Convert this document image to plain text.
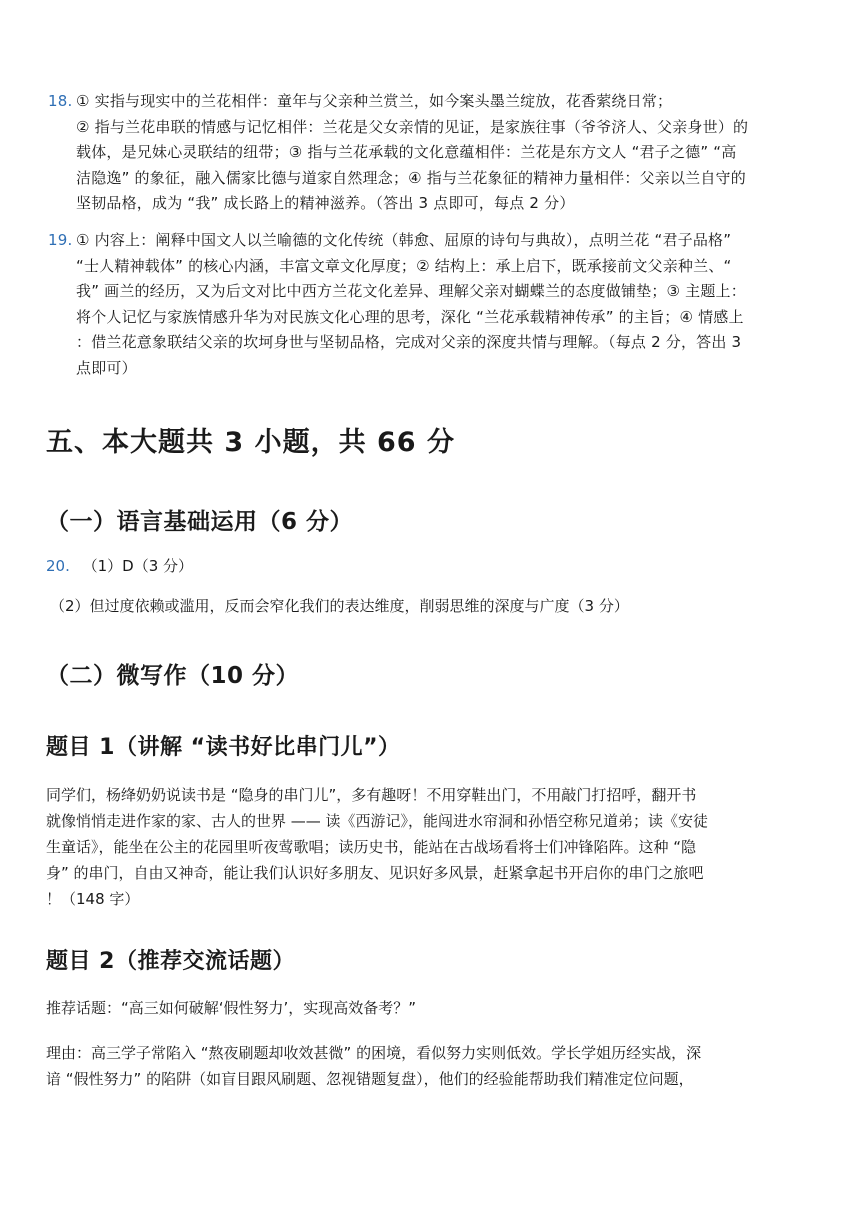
18. ① 实指与现实中的兰花相伴：童年与父亲种兰赏兰，如今案头墨兰绽放，花香萦绕日常；
② 指与兰花串联的情感与记忆相伴：兰花是父女亲情的见证，是家族往事（爷爷济人、父亲身世）的
载体，是兄妹心灵联结的纽带；③ 指与兰花承载的文化意蕴相伴：兰花是东方文人 “君子之德” “高
洁隐逸” 的象征，融入儒家比德与道家自然理念；④ 指与兰花象征的精神力量相伴：父亲以兰自守的
坚韧品格，成为 “我” 成长路上的精神滋养。（答出 3 点即可，每点 2 分）
19. ① 内容上：阐释中国文人以兰喻德的文化传统（韩愈、屈原的诗句与典故），点明兰花 “君子品格”
“士人精神载体” 的核心内涵，丰富文章文化厚度；② 结构上：承上启下，既承接前文父亲种兰、“
我” 画兰的经历，又为后文对比中西方兰花文化差异、理解父亲对蝴蝶兰的态度做铺垫；③ 主题上：
将个人记忆与家族情感升华为对民族文化心理的思考，深化 “兰花承载精神传承” 的主旨；④ 情感上
：借兰花意象联结父亲的坎坷身世与坚韧品格，完成对父亲的深度共情与理解。（每点 2 分，答出 3
点即可）
五、本大题共 3 小题，共 66 分
（一）语言基础运用（6 分）
20. （1）D（3 分）
（2）但过度依赖或滥用，反而会窄化我们的表达维度，削弱思维的深度与广度（3 分）
（二）微写作（10 分）
题目 1（讲解 “读书好比串门儿”）
同学们，杨绛奶奶说读书是 “隐身的串门儿”，多有趣呀！不用穿鞋出门，不用敲门打招呼，翻开书
就像悄悄走进作家的家、古人的世界 —— 读《西游记》，能闯进水帘洞和孙悟空称兄道弟；读《安徒
生童话》，能坐在公主的花园里听夜莺歌唱；读历史书，能站在古战场看将士们冲锋陷阵。这种 “隐
身” 的串门，自由又神奇，能让我们认识好多朋友、见识好多风景，赶紧拿起书开启你的串门之旅吧
！（148 字）
题目 2（推荐交流话题）
推荐话题：“高三如何破解‘假性努力’，实现高效备考？”
理由：高三学子常陷入 “熬夜刷题却收效甚微” 的困境，看似努力实则低效。学长学姐历经实战，深
谙 “假性努力” 的陷阱（如盲目跟风刷题、忽视错题复盘），他们的经验能帮助我们精准定位问题，
